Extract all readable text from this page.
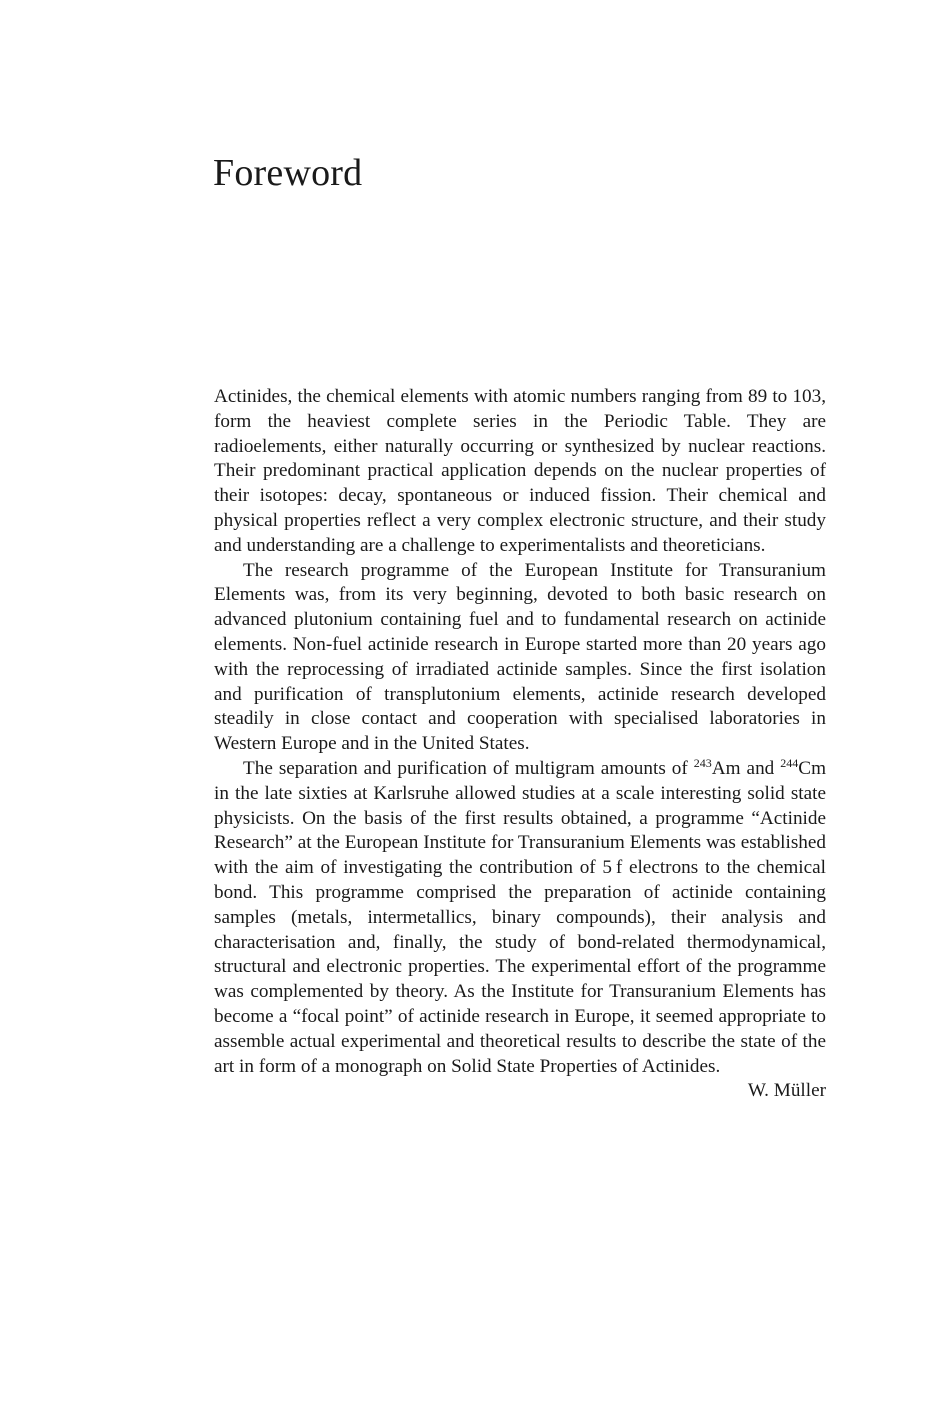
Foreword

Actinides, the chemical elements with atomic numbers ranging from 89 to 103, form the heaviest complete series in the Periodic Table. They are radioelements, either naturally occurring or synthesized by nuclear reactions. Their predominant practical application depends on the nuclear properties of their isotopes: decay, spontaneous or induced fission. Their chemical and physical properties reflect a very complex electronic structure, and their study and understanding are a challenge to experimentalists and theoreticians.

The research programme of the European Institute for Transuranium Elements was, from its very beginning, devoted to both basic research on advanced plutonium containing fuel and to fundamental research on actinide elements. Non-fuel actinide research in Europe started more than 20 years ago with the reprocessing of irradiated actinide samples. Since the first isolation and purification of transplutonium elements, actinide research developed steadily in close contact and cooperation with specialised laboratories in Western Europe and in the United States.

The separation and purification of multigram amounts of $^{243}$Am and $^{244}$Cm in the late sixties at Karlsruhe allowed studies at a scale interesting solid state physicists. On the basis of the first results obtained, a programme “Actinide Research” at the European Institute for Transuranium Elements was established with the aim of investigating the contribution of 5 f electrons to the chemical bond. This programme comprised the preparation of actinide containing samples (metals, intermetallics, binary compounds), their analysis and characterisation and, finally, the study of bond-related thermodynamical, structural and electronic properties. The experimental effort of the programme was complemented by theory. As the Institute for Transuranium Elements has become a “focal point” of actinide research in Europe, it seemed appropriate to assemble actual experimental and theoretical results to describe the state of the art in form of a monograph on Solid State Properties of Actinides.

W. Müller
